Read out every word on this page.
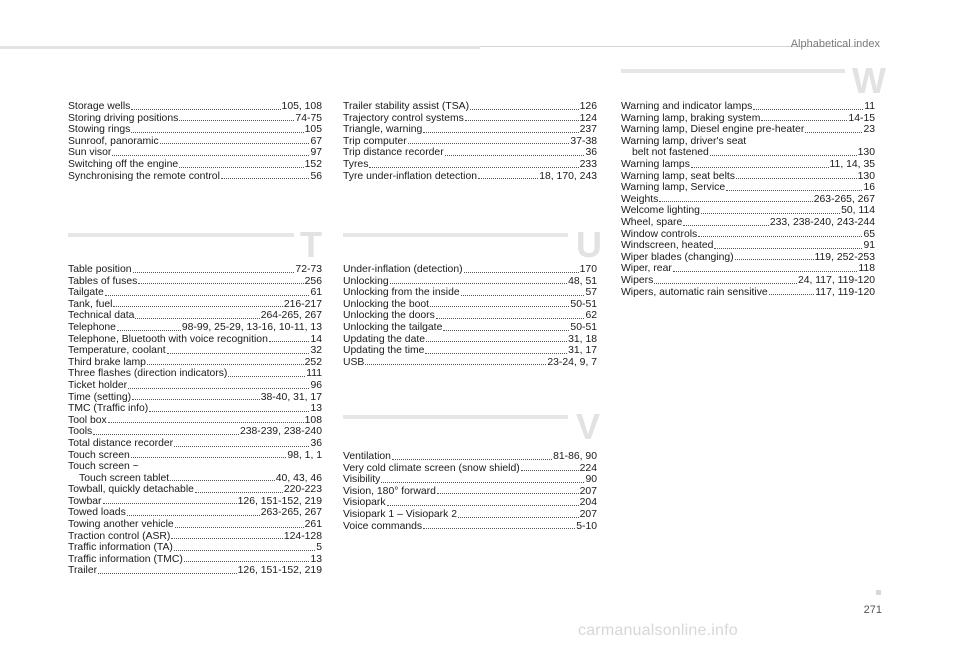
Alphabetical index
Storage wells	105, 108
Storing driving positions	74-75
Stowing rings	105
Sunroof, panoramic	67
Sun visor	97
Switching off the engine	152
Synchronising the remote control	56
T
Table position	72-73
Tables of fuses	256
Tailgate	61
Tank, fuel	216-217
Technical data	264-265, 267
Telephone	98-99, 25-29, 13-16, 10-11, 13
Telephone, Bluetooth with voice recognition	14
Temperature, coolant	32
Third brake lamp	252
Three flashes (direction indicators)	111
Ticket holder	96
Time (setting)	38-40, 31, 17
TMC (Traffic info)	13
Tool box	108
Tools	238-239, 238-240
Total distance recorder	36
Touch screen	98, 1, 1
Touch screen ~
Touch screen tablet	40, 43, 46
Towball, quickly detachable	220-223
Towbar	126, 151-152, 219
Towed loads	263-265, 267
Towing another vehicle	261
Traction control (ASR)	124-128
Traffic information (TA)	5
Traffic information (TMC)	13
Trailer	126, 151-152, 219
Trailer stability assist (TSA)	126
Trajectory control systems	124
Triangle, warning	237
Trip computer	37-38
Trip distance recorder	36
Tyres	233
Tyre under-inflation detection	18, 170, 243
U
Under-inflation (detection)	170
Unlocking	48, 51
Unlocking from the inside	57
Unlocking the boot	50-51
Unlocking the doors	62
Unlocking the tailgate	50-51
Updating the date	31, 18
Updating the time	31, 17
USB	23-24, 9, 7
V
Ventilation	81-86, 90
Very cold climate screen (snow shield)	224
Visibility	90
Vision, 180° forward	207
Visiopark	204
Visiopark 1 – Visiopark 2	207
Voice commands	5-10
W
Warning and indicator lamps	11
Warning lamp, braking system	14-15
Warning lamp, Diesel engine pre-heater	23
Warning lamp, driver's seat
belt not fastened	130
Warning lamps	11, 14, 35
Warning lamp, seat belts	130
Warning lamp, Service	16
Weights	263-265, 267
Welcome lighting	50, 114
Wheel, spare	233, 238-240, 243-244
Window controls	65
Windscreen, heated	91
Wiper blades (changing)	119, 252-253
Wiper, rear	118
Wipers	24, 117, 119-120
Wipers, automatic rain sensitive	117, 119-120
271
carmanualsonline.info
